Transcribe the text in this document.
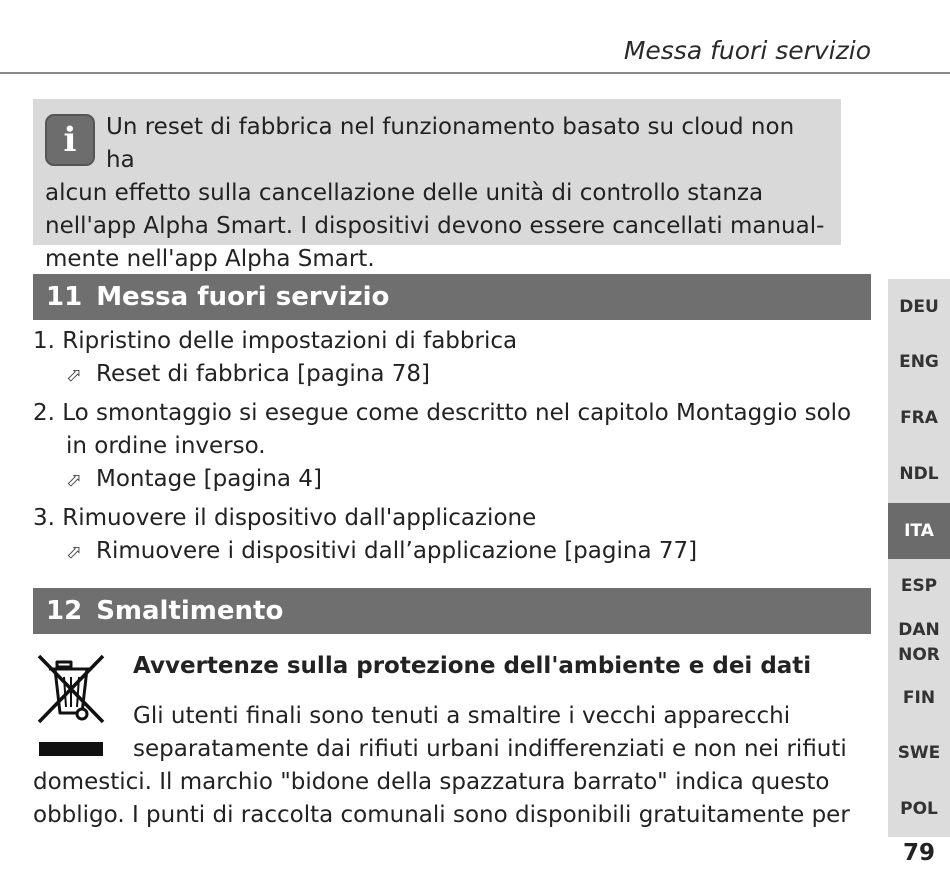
Messa fuori servizio
i	Un reset di fabbrica nel funzionamento basato su cloud non ha
alcun effetto sulla cancellazione delle unità di controllo stanza
nell'app Alpha Smart. I dispositivi devono essere cancellati manual-
mente nell'app Alpha Smart.
11 Messa fuori servizio
1. Ripristino delle impostazioni di fabbrica
⬀ Reset di fabbrica [pagina 78]
2. Lo smontaggio si esegue come descritto nel capitolo Montaggio solo
in ordine inverso.
⬀ Montage [pagina 4]
3. Rimuovere il dispositivo dall'applicazione
⬀ Rimuovere i dispositivi dall’applicazione [pagina 77]
12 Smaltimento
Avvertenze sulla protezione dell'ambiente e dei dati
Gli utenti finali sono tenuti a smaltire i vecchi apparecchi
separatamente dai rifiuti urbani indifferenziati e non nei rifiuti
domestici. Il marchio "bidone della spazzatura barrato" indica questo
obbligo. I punti di raccolta comunali sono disponibili gratuitamente per
DEU
ENG
FRA
NDL
ITA
ESP
DAN
NOR
FIN
SWE
POL
79
